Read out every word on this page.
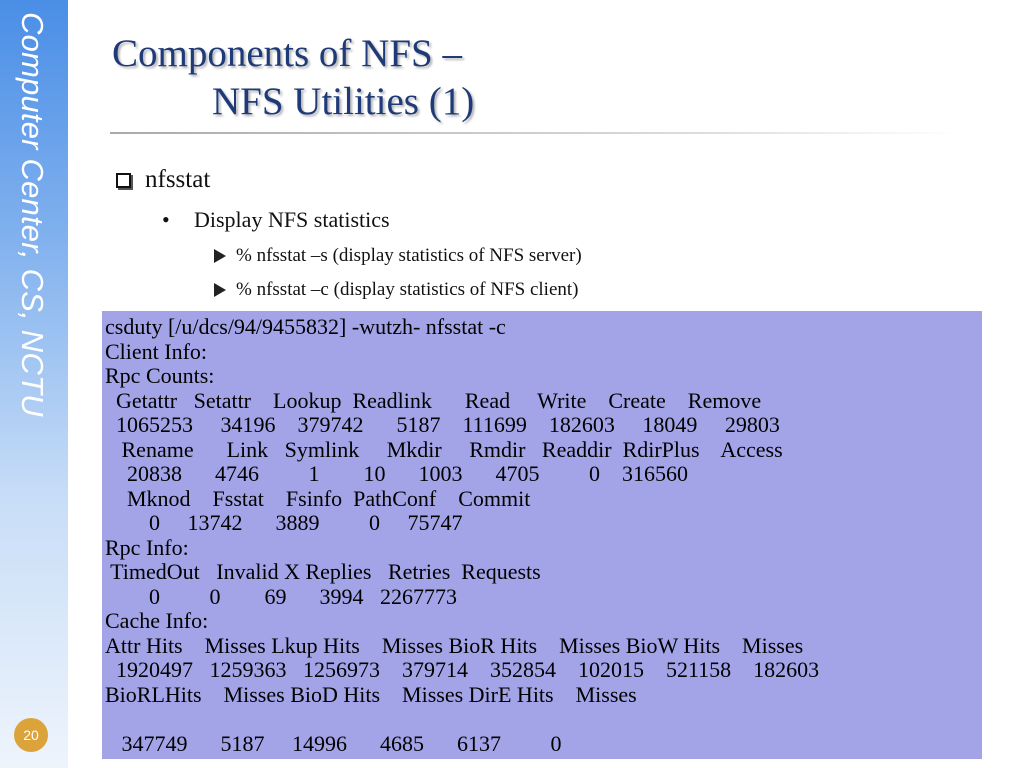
Computer Center, CS, NCTU
20
Components of NFS –
NFS Utilities (1)
nfsstat
• Display NFS statistics
% nfsstat –s (display statistics of NFS server)
% nfsstat –c (display statistics of NFS client)
csduty [/u/dcs/94/9455832] -wutzh- nfsstat -c
Client Info:
Rpc Counts:
Getattr   Setattr    Lookup  Readlink      Read     Write    Create    Remove
1065253     34196    379742      5187    111699    182603     18049     29803
Rename      Link   Symlink     Mkdir     Rmdir   Readdir  RdirPlus    Access
20838      4746         1        10      1003      4705         0    316560
Mknod    Fsstat    Fsinfo  PathConf    Commit
0     13742      3889         0     75747
Rpc Info:
TimedOut   Invalid X Replies   Retries  Requests
0         0        69      3994   2267773
Cache Info:
Attr Hits    Misses Lkup Hits    Misses BioR Hits    Misses BioW Hits    Misses
1920497   1259363   1256973    379714    352854    102015    521158    182603
BioRLHits    Misses BioD Hits    Misses DirE Hits    Misses

347749      5187     14996      4685      6137         0
